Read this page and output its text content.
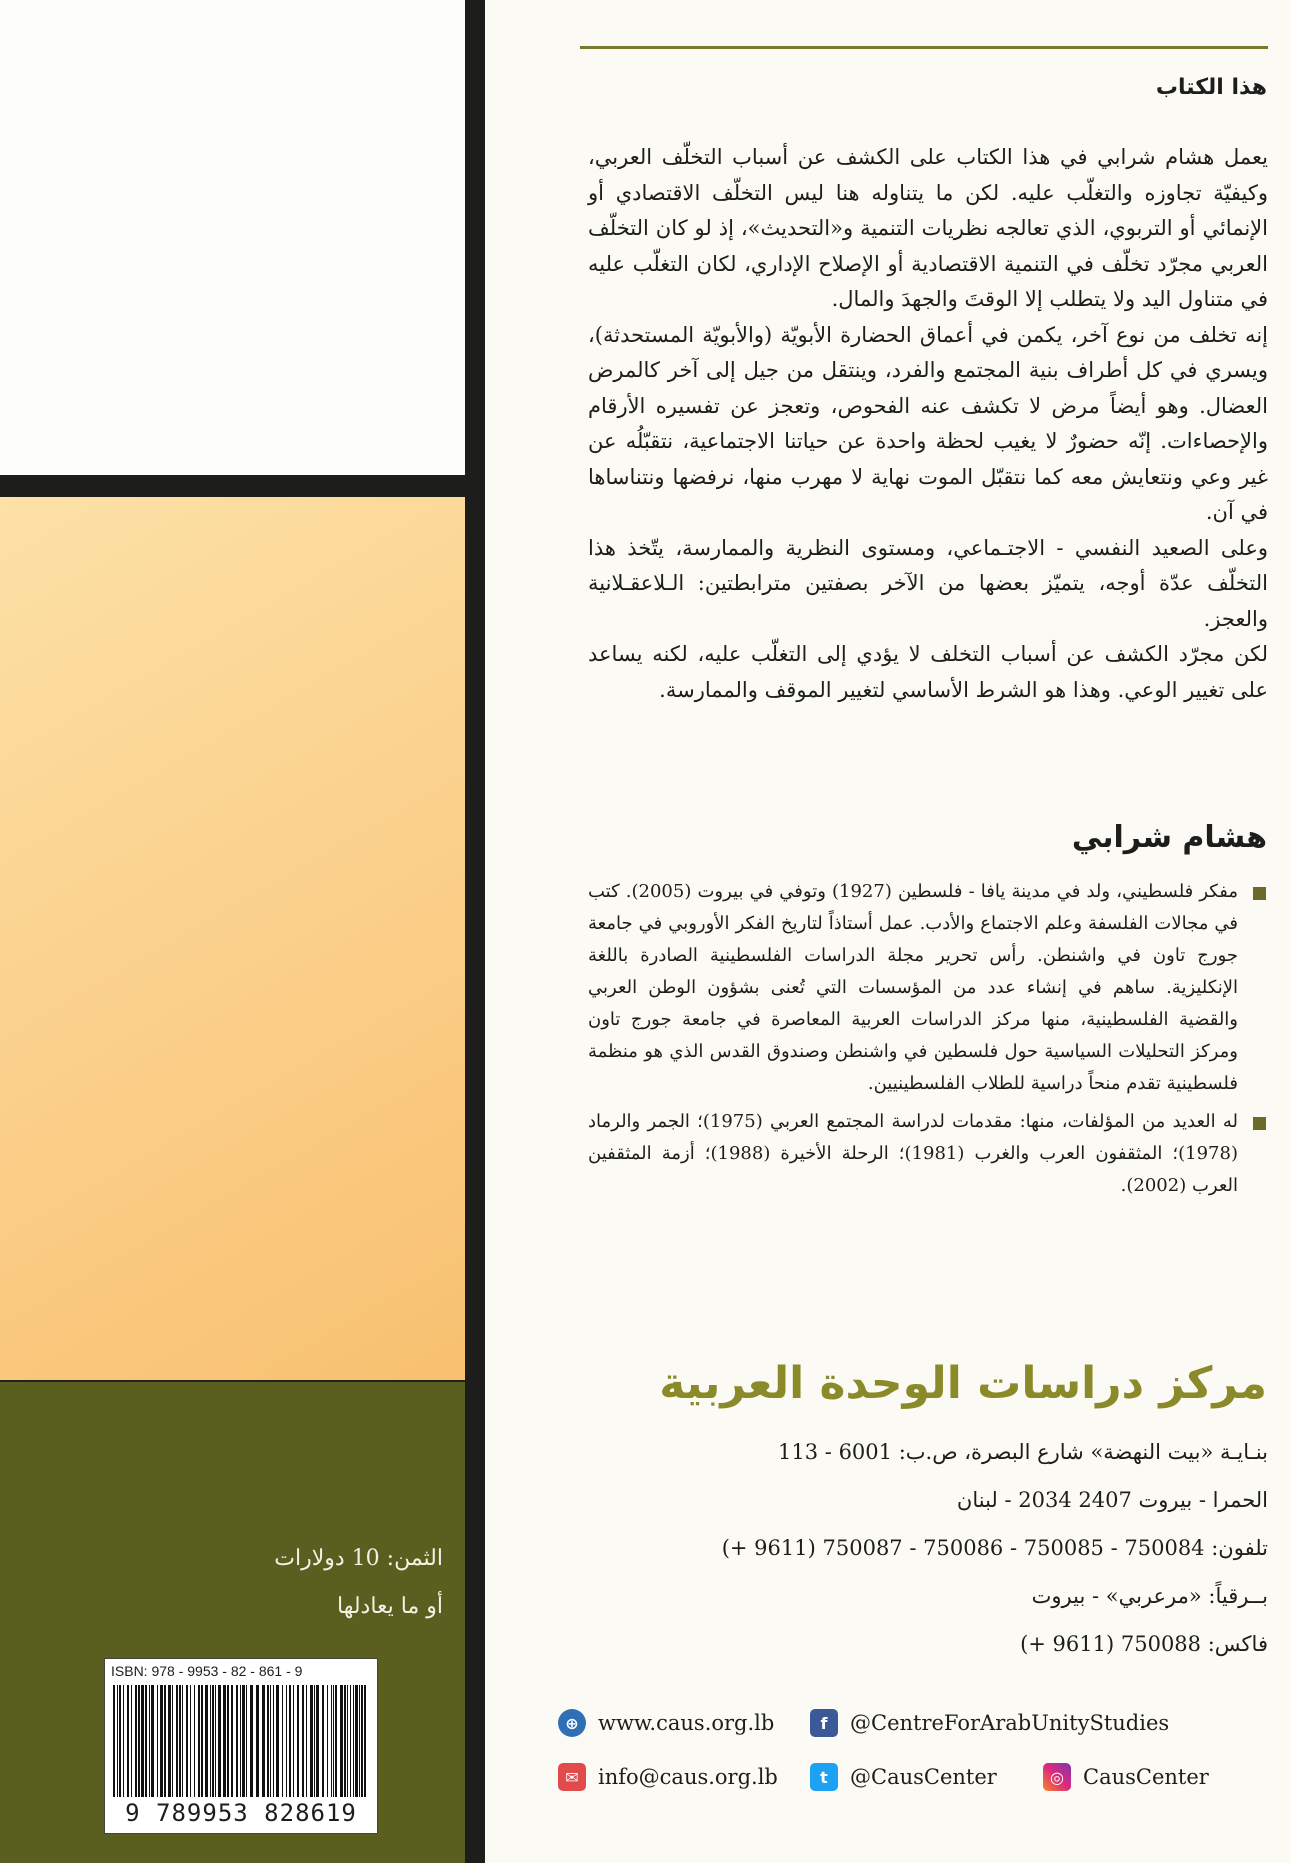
الثمن: 10 دولارات
أو ما يعادلها
ISBN: 978 - 9953 - 82 - 861 - 9
9 789953 828619
هذا الكتاب

يعمل هشام شرابي في هذا الكتاب على الكشف عن أسباب التخلّف العربي، وكيفيّة تجاوزه والتغلّب عليه. لكن ما يتناوله هنا ليس التخلّف الاقتصادي أو الإنمائي أو التربوي، الذي تعالجه نظريات التنمية و«التحديث»، إذ لو كان التخلّف العربي مجرّد تخلّف في التنمية الاقتصادية أو الإصلاح الإداري، لكان التغلّب عليه في متناول اليد ولا يتطلب إلا الوقتَ والجهدَ والمال.

إنه تخلف من نوع آخر، يكمن في أعماق الحضارة الأبويّة (والأبويّة المستحدثة)، ويسري في كل أطراف بنية المجتمع والفرد، وينتقل من جيل إلى آخر كالمرض العضال. وهو أيضاً مرض لا تكشف عنه الفحوص، وتعجز عن تفسيره الأرقام والإحصاءات. إنّه حضورٌ لا يغيب لحظة واحدة عن حياتنا الاجتماعية، نتقبّلُه عن غير وعي ونتعايش معه كما نتقبّل الموت نهاية لا مهرب منها، نرفضها ونتناساها في آن.

وعلى الصعيد النفسي - الاجتـماعي، ومستوى النظرية والممارسة، يتّخذ هذا التخلّف عدّة أوجه، يتميّز بعضها من الآخر بصفتين مترابطتين: الـلاعقـلانية والعجز.

لكن مجرّد الكشف عن أسباب التخلف لا يؤدي إلى التغلّب عليه، لكنه يساعد على تغيير الوعي. وهذا هو الشرط الأساسي لتغيير الموقف والممارسة.

هشام شرابي
مفكر فلسطيني، ولد في مدينة يافا - فلسطين (1927) وتوفي في بيروت (2005). كتب في مجالات الفلسفة وعلم الاجتماع والأدب. عمل أستاذاً لتاريخ الفكر الأوروبي في جامعة جورج تاون في واشنطن. رأس تحرير مجلة الدراسات الفلسطينية الصادرة باللغة الإنكليزية. ساهم في إنشاء عدد من المؤسسات التي تُعنى بشؤون الوطن العربي والقضية الفلسطينية، منها مركز الدراسات العربية المعاصرة في جامعة جورج تاون ومركز التحليلات السياسية حول فلسطين في واشنطن وصندوق القدس الذي هو منظمة فلسطينية تقدم منحاً دراسية للطلاب الفلسطينيين.
له العديد من المؤلفات، منها: مقدمات لدراسة المجتمع العربي (1975)؛ الجمر والرماد (1978)؛ المثقفون العرب والغرب (1981)؛ الرحلة الأخيرة (1988)؛ أزمة المثقفين العرب (2002).
مركز دراسات الوحدة العربية
بنـايـة «بيت النهضة» شارع البصرة، ص.ب: 6001 - 113
الحمرا - بيروت 2407 2034 - لبنان
تلفون: 750084 - 750085 - 750086 - 750087 (9611 +)
بــرقياً: «مرعربي» - بيروت
فاكس: 750088 (9611 +)
⊕ www.caus.org.lb	f	@CentreForArabUnityStudies
✉ info@caus.org.lb	t	@CausCenter	◎ CausCenter
